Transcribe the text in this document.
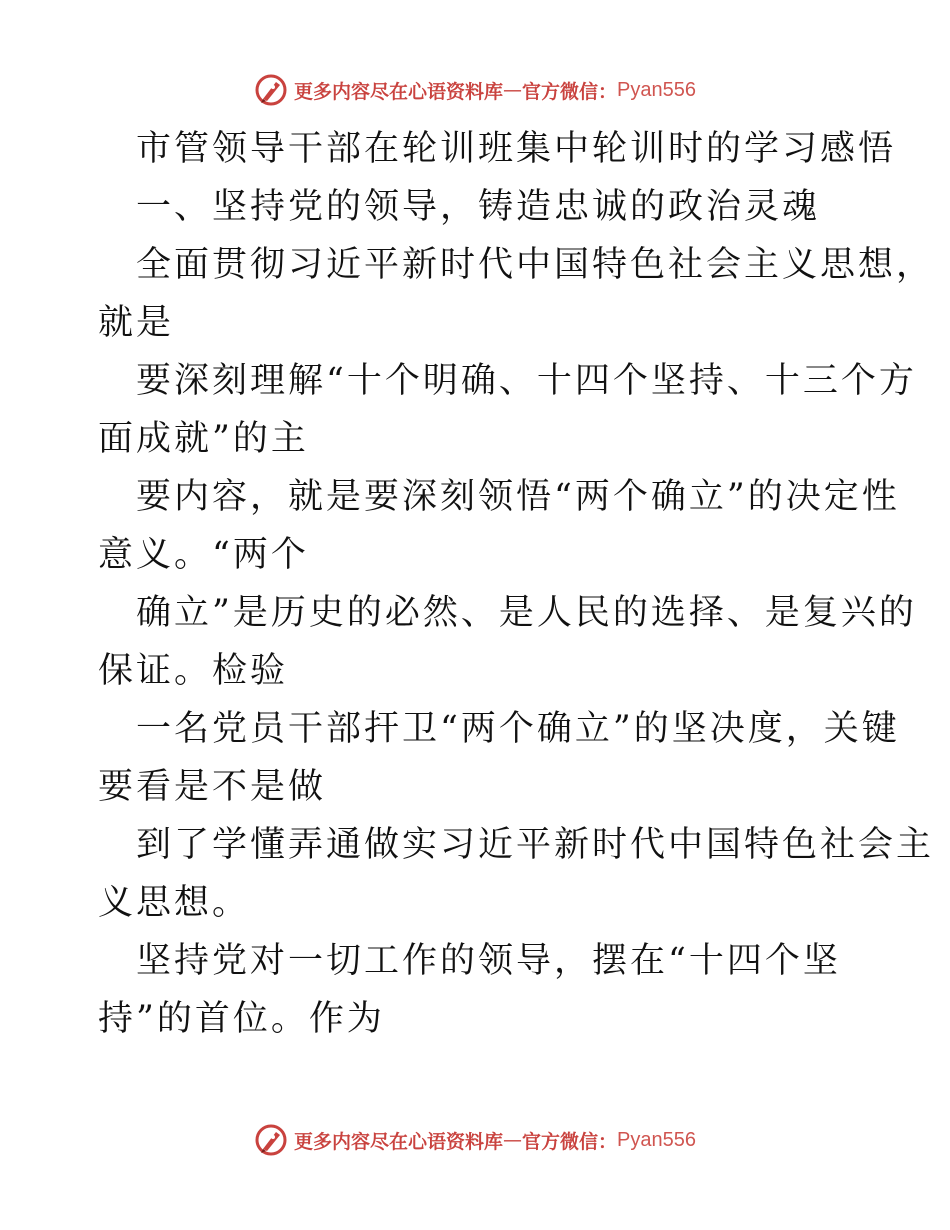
更多内容尽在心语资料库 — 官方微信： Pyan556
市管领导干部在轮训班集中轮训时的学习感悟
一、坚持党的领导，铸造忠诚的政治灵魂
全面贯彻习近平新时代中国特色社会主义思想，
就是
要深刻理解“十个明确、十四个坚持、十三个方
面成就”的主
要内容，就是要深刻领悟“两个确立”的决定性
意义。“两个
确立”是历史的必然、是人民的选择、是复兴的
保证。检验
一名党员干部扞卫“两个确立”的坚决度，关键
要看是不是做
到了学懂弄通做实习近平新时代中国特色社会主
义思想。
坚持党对一切工作的领导，摆在“十四个坚
持”的首位。作为
更多内容尽在心语资料库 — 官方微信： Pyan556
